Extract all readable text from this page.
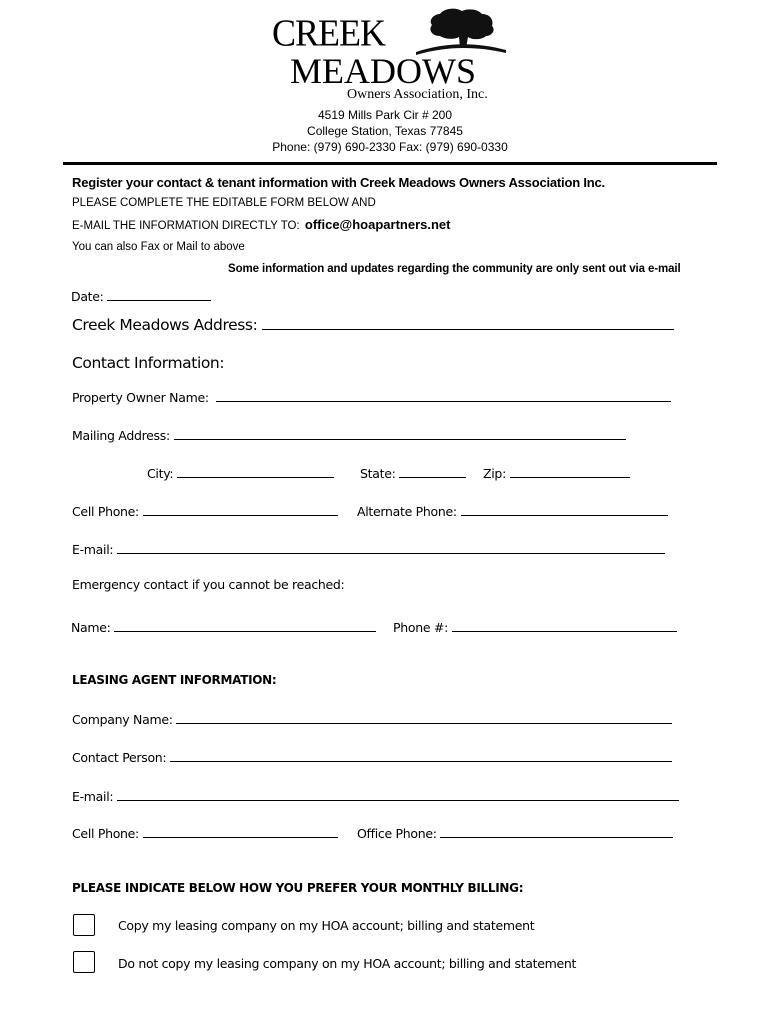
CREEK
MEADOWS
Owners Association, Inc.
4519 Mills Park Cir # 200
College Station, Texas 77845
Phone: (979) 690-2330 Fax: (979) 690-0330
Register your contact & tenant information with Creek Meadows Owners Association Inc.
PLEASE COMPLETE THE EDITABLE FORM BELOW AND
E-MAIL THE INFORMATION DIRECTLY TO: office@hoapartners.net
You can also Fax or Mail to above
Some information and updates regarding the community are only sent out via e-mail
Date:
Creek Meadows Address:
Contact Information:
Property Owner Name:
Mailing Address:
City:	State:	Zip:
Cell Phone:	Alternate Phone:
E-mail:
Emergency contact if you cannot be reached:
Name:	Phone #:
LEASING AGENT INFORMATION:
Company Name:
Contact Person:
E-mail:
Cell Phone:	Office Phone:
PLEASE INDICATE BELOW HOW YOU PREFER YOUR MONTHLY BILLING:
Copy my leasing company on my HOA account; billing and statement
Do not copy my leasing company on my HOA account; billing and statement
